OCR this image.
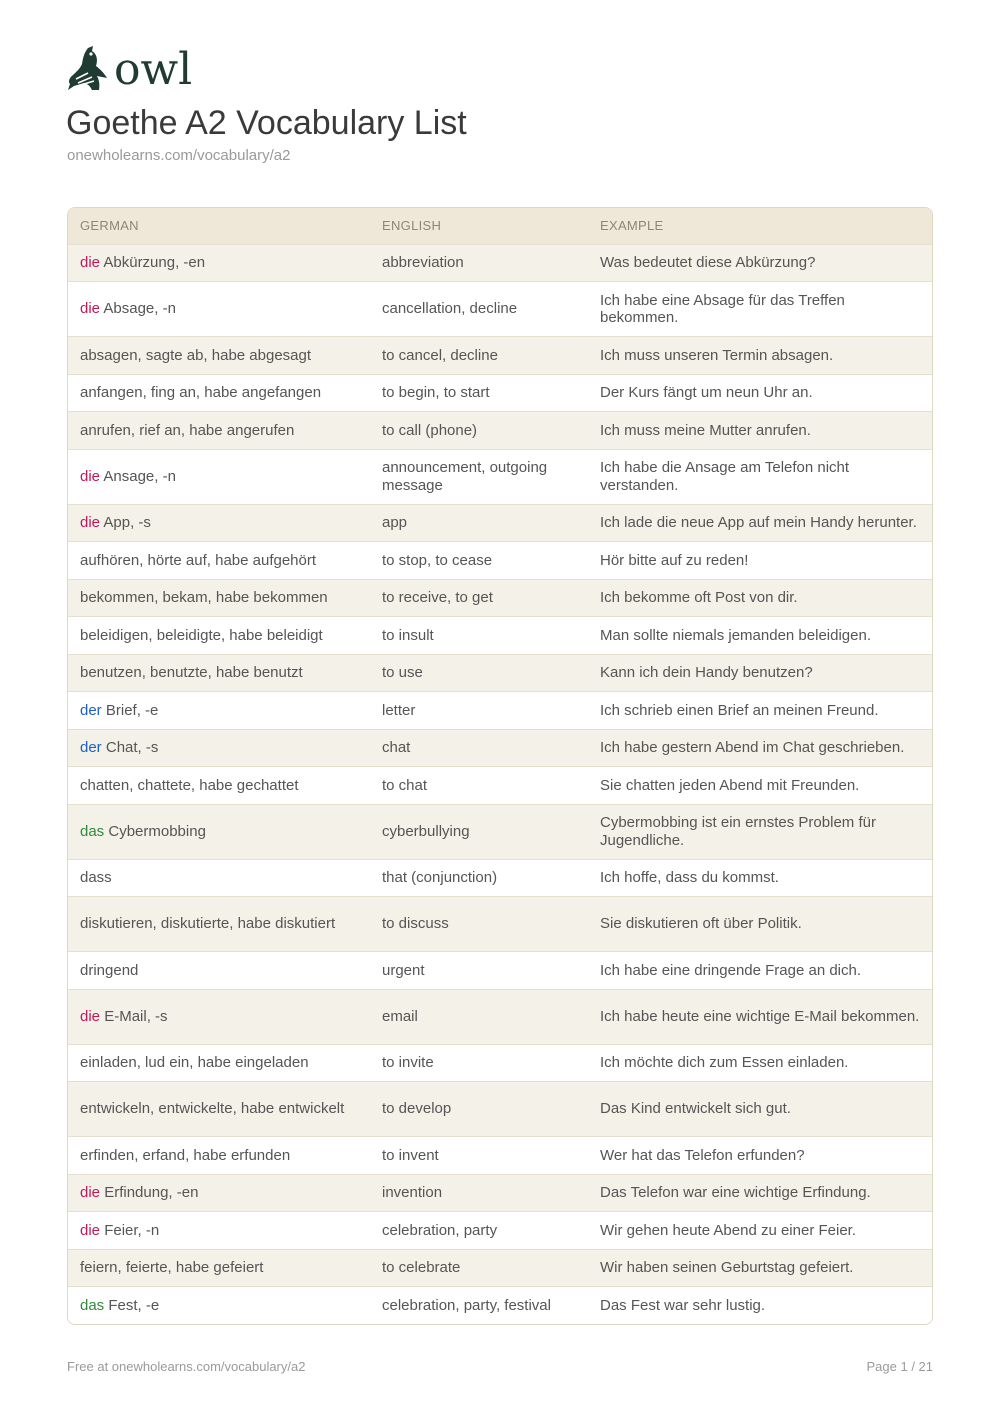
owl
Goethe A2 Vocabulary List
onewholearns.com/vocabulary/a2
GERMAN	ENGLISH	EXAMPLE
die Abkürzung, -en	abbreviation	Was bedeutet diese Abkürzung?
die Absage, -n	cancellation, decline	Ich habe eine Absage für das Treffen bekommen.
absagen, sagte ab, habe abgesagt	to cancel, decline	Ich muss unseren Termin absagen.
anfangen, fing an, habe angefangen	to begin, to start	Der Kurs fängt um neun Uhr an.
anrufen, rief an, habe angerufen	to call (phone)	Ich muss meine Mutter anrufen.
die Ansage, -n	announcement, outgoing message	Ich habe die Ansage am Telefon nicht verstanden.
die App, -s	app	Ich lade die neue App auf mein Handy herunter.
aufhören, hörte auf, habe aufgehört	to stop, to cease	Hör bitte auf zu reden!
bekommen, bekam, habe bekommen	to receive, to get	Ich bekomme oft Post von dir.
beleidigen, beleidigte, habe beleidigt	to insult	Man sollte niemals jemanden beleidigen.
benutzen, benutzte, habe benutzt	to use	Kann ich dein Handy benutzen?
der Brief, -e	letter	Ich schrieb einen Brief an meinen Freund.
der Chat, -s	chat	Ich habe gestern Abend im Chat geschrieben.
chatten, chattete, habe gechattet	to chat	Sie chatten jeden Abend mit Freunden.
das Cybermobbing	cyberbullying	Cybermobbing ist ein ernstes Problem für Jugendliche.
dass	that (conjunction)	Ich hoffe, dass du kommst.
diskutieren, diskutierte, habe diskutiert	to discuss	Sie diskutieren oft über Politik.
dringend	urgent	Ich habe eine dringende Frage an dich.
die E-Mail, -s	email	Ich habe heute eine wichtige E-Mail bekommen.
einladen, lud ein, habe eingeladen	to invite	Ich möchte dich zum Essen einladen.
entwickeln, entwickelte, habe entwickelt	to develop	Das Kind entwickelt sich gut.
erfinden, erfand, habe erfunden	to invent	Wer hat das Telefon erfunden?
die Erfindung, -en	invention	Das Telefon war eine wichtige Erfindung.
die Feier, -n	celebration, party	Wir gehen heute Abend zu einer Feier.
feiern, feierte, habe gefeiert	to celebrate	Wir haben seinen Geburtstag gefeiert.
das Fest, -e	celebration, party, festival	Das Fest war sehr lustig.
Free at onewholearns.com/vocabulary/a2	Page 1 / 21
